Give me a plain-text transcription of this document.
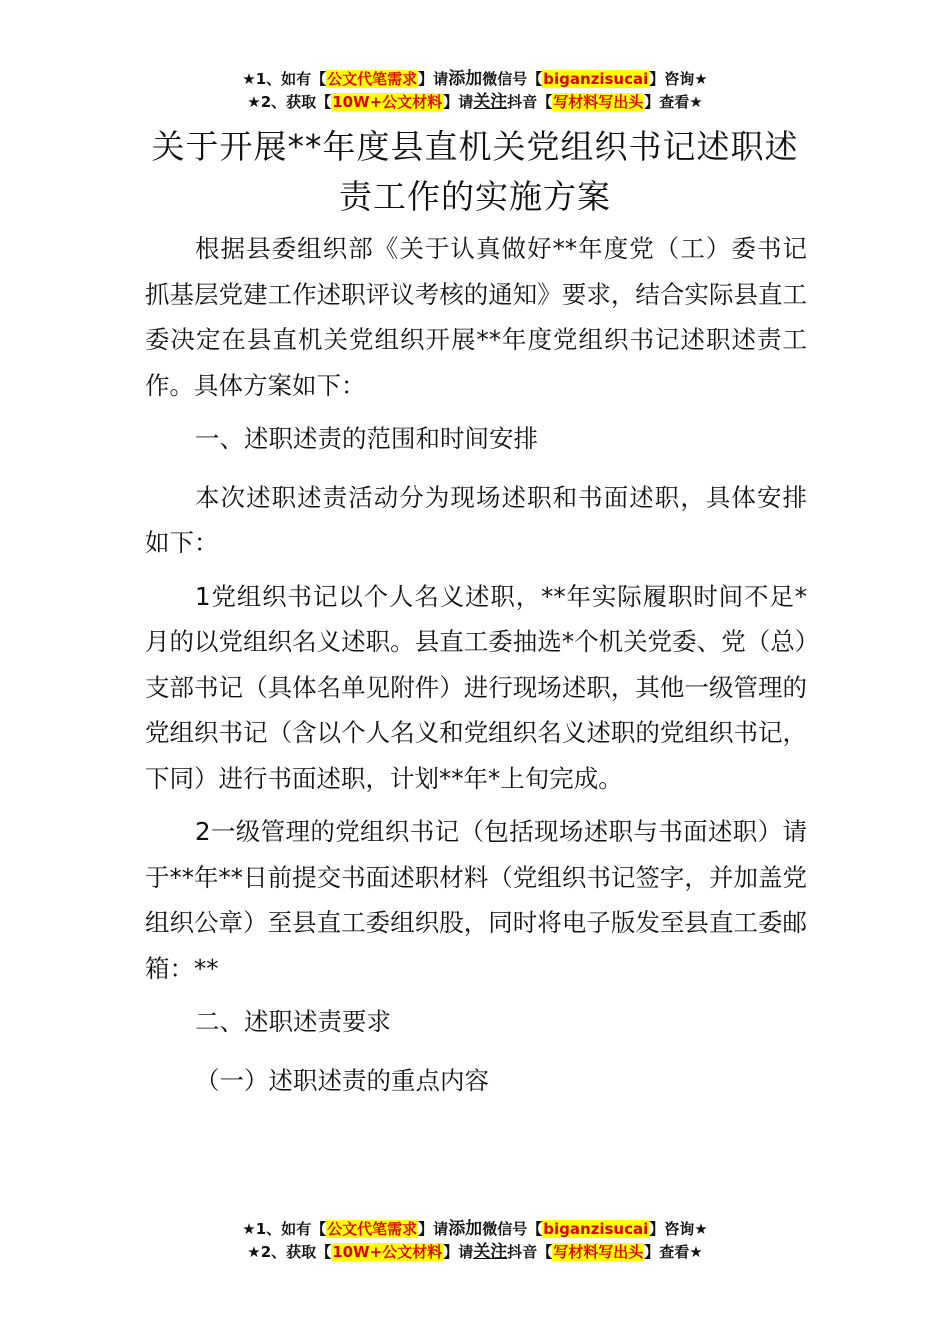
★1、如有【公文代笔需求】请添加微信号【biganzisucai】咨询★
★2、获取【10W+公文材料】请关注抖音【写材料写出头】查看★
关于开展**年度县直机关党组织书记述职述责工作的实施方案

根据县委组织部《关于认真做好**年度党（工）委书记抓基层党建工作述职评议考核的通知》要求，结合实际县直工委决定在县直机关党组织开展**年度党组织书记述职述责工作。具体方案如下：

一、述职述责的范围和时间安排

本次述职述责活动分为现场述职和书面述职，具体安排如下：

1党组织书记以个人名义述职，**年实际履职时间不足*月的以党组织名义述职。县直工委抽选*个机关党委、党（总）支部书记（具体名单见附件）进行现场述职，其他一级管理的党组织书记（含以个人名义和党组织名义述职的党组织书记，下同）进行书面述职，计划**年*上旬完成。

2一级管理的党组织书记（包括现场述职与书面述职）请于**年**日前提交书面述职材料（党组织书记签字，并加盖党组织公章）至县直工委组织股，同时将电子版发至县直工委邮箱：**

二、述职述责要求

（一）述职述责的重点内容

★1、如有【公文代笔需求】请添加微信号【biganzisucai】咨询★
★2、获取【10W+公文材料】请关注抖音【写材料写出头】查看★
